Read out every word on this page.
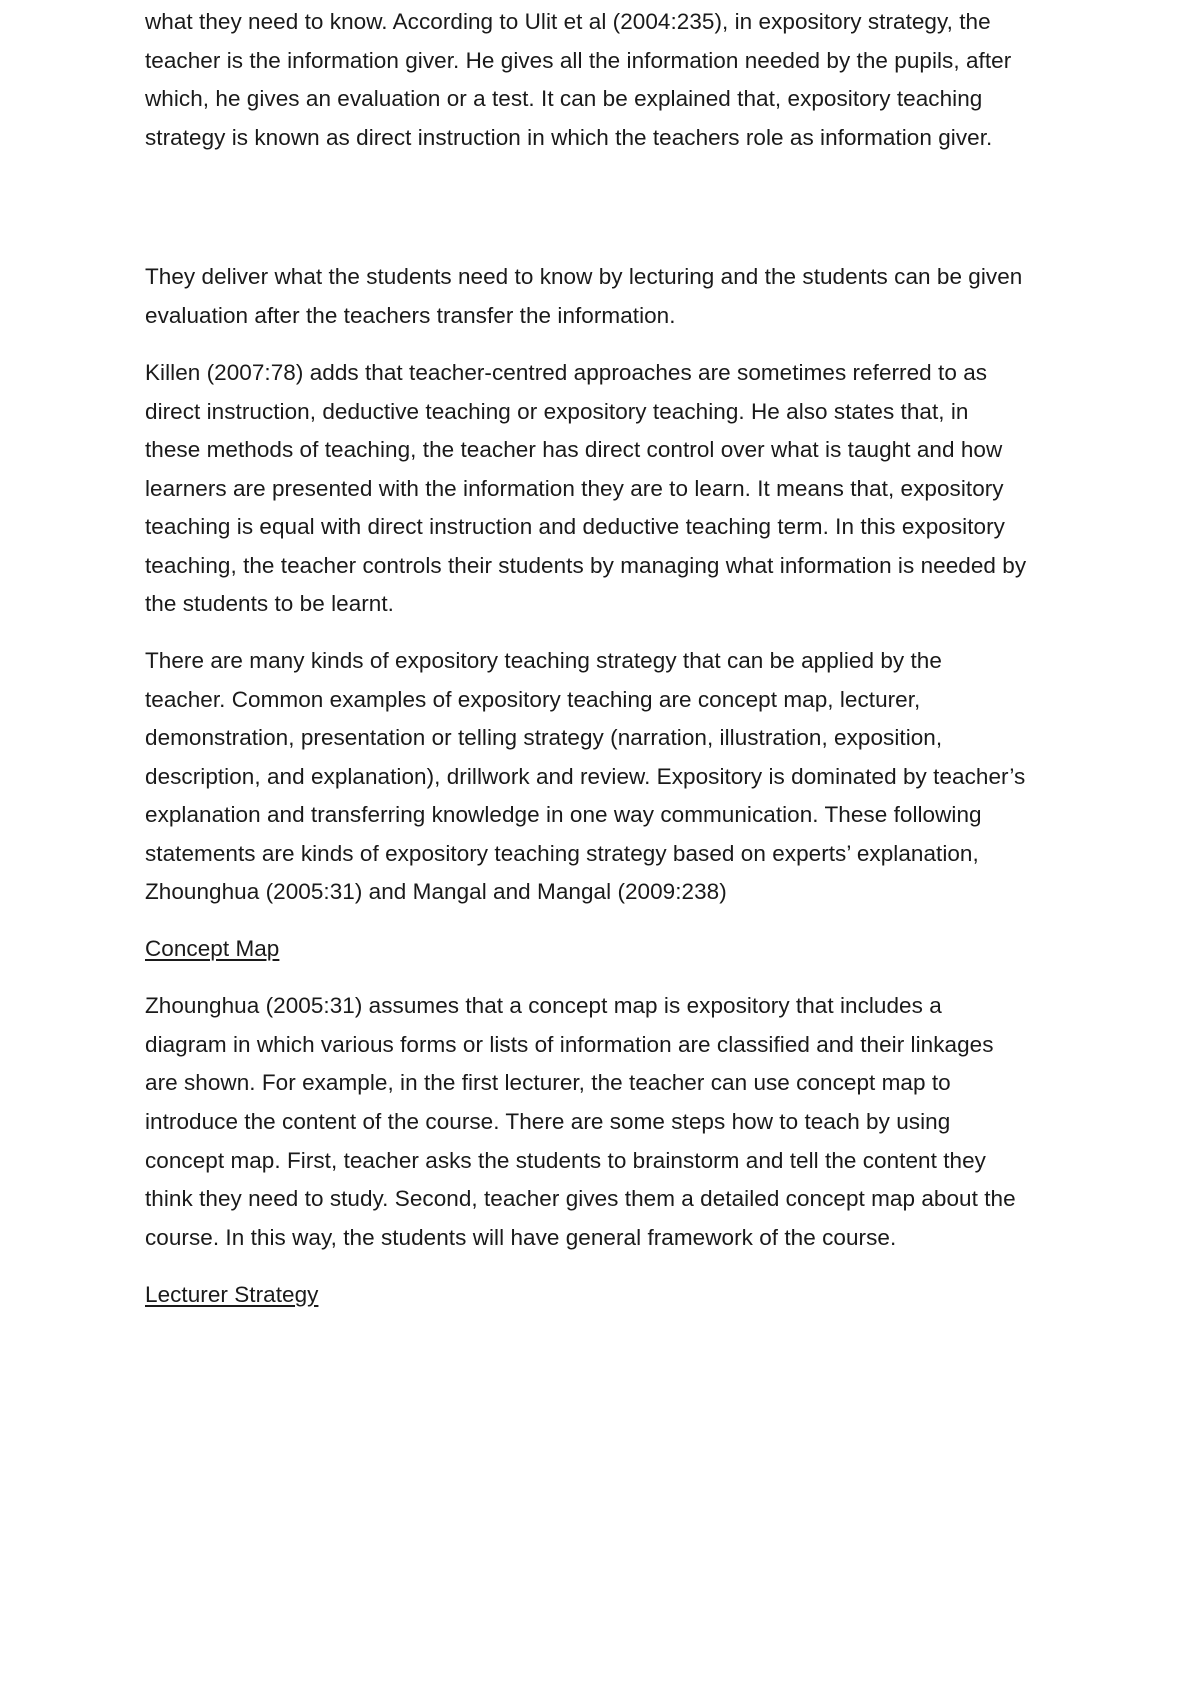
what they need to know. According to Ulit et al (2004:235), in expository strategy, the
teacher is the information giver. He gives all the information needed by the pupils, after
which, he gives an evaluation or a test. It can be explained that, expository teaching
strategy is known as direct instruction in which the teachers role as information giver.
They deliver what the students need to know by lecturing and the students can be given
evaluation after the teachers transfer the information.
Killen (2007:78) adds that teacher-centred approaches are sometimes referred to as
direct instruction, deductive teaching or expository teaching. He also states that, in
these methods of teaching, the teacher has direct control over what is taught and how
learners are presented with the information they are to learn. It means that, expository
teaching is equal with direct instruction and deductive teaching term. In this expository
teaching, the teacher controls their students by managing what information is needed by
the students to be learnt.
There are many kinds of expository teaching strategy that can be applied by the
teacher. Common examples of expository teaching are concept map, lecturer,
demonstration, presentation or telling strategy (narration, illustration, exposition,
description, and explanation), drillwork and review. Expository is dominated by teacher’s
explanation and transferring knowledge in one way communication. These following
statements are kinds of expository teaching strategy based on experts’ explanation,
Zhounghua (2005:31) and Mangal and Mangal (2009:238)
Concept Map
Zhounghua (2005:31) assumes that a concept map is expository that includes a
diagram in which various forms or lists of information are classified and their linkages
are shown. For example, in the first lecturer, the teacher can use concept map to
introduce the content of the course. There are some steps how to teach by using
concept map. First, teacher asks the students to brainstorm and tell the content they
think they need to study. Second, teacher gives them a detailed concept map about the
course. In this way, the students will have general framework of the course.
Lecturer Strategy
